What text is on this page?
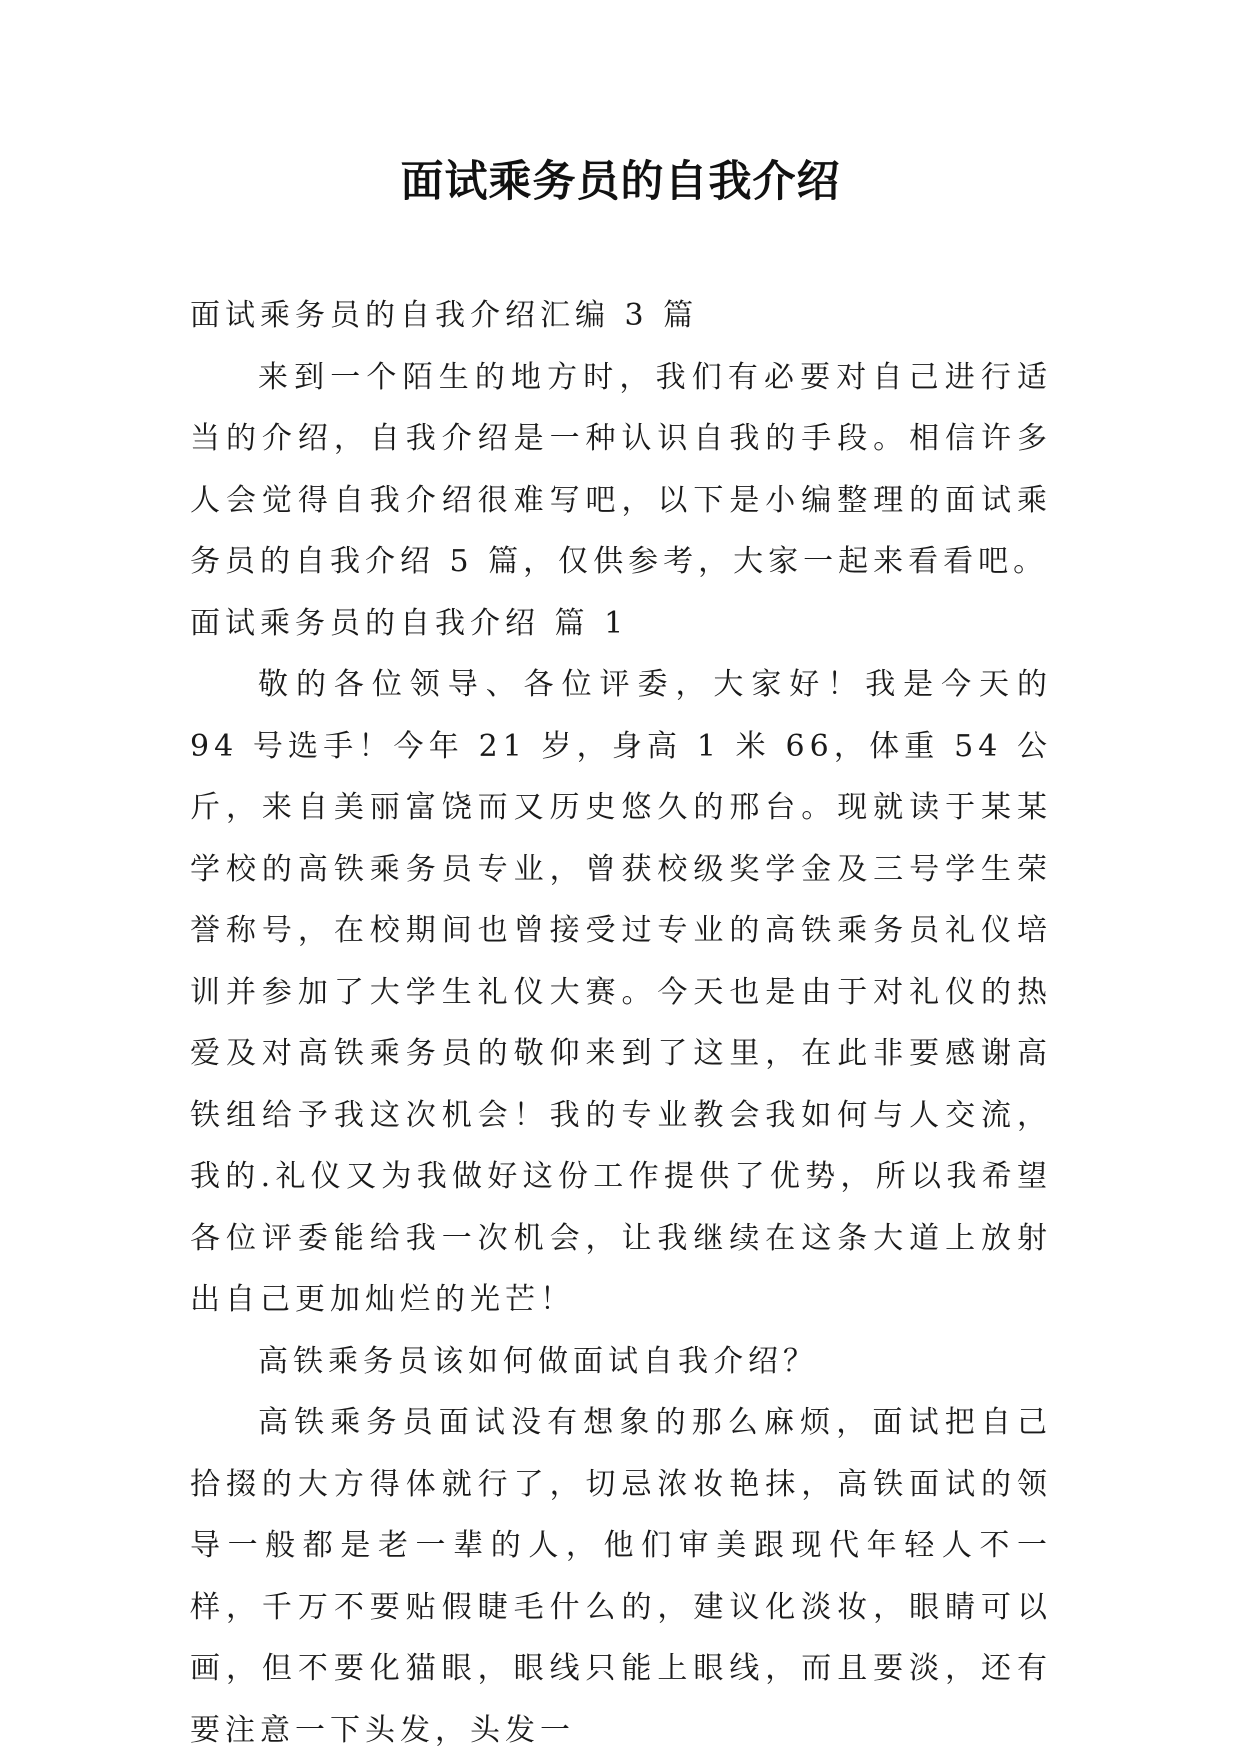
面试乘务员的自我介绍

面试乘务员的自我介绍汇编 3 篇

来到一个陌生的地方时，我们有必要对自己进行适当的介绍，自我介绍是一种认识自我的手段。相信许多人会觉得自我介绍很难写吧，以下是小编整理的面试乘务员的自我介绍 5 篇，仅供参考，大家一起来看看吧。

面试乘务员的自我介绍 篇 1

敬的各位领导、各位评委，大家好！我是今天的 94 号选手！今年 21 岁，身高 1 米 66，体重 54 公斤，来自美丽富饶而又历史悠久的邢台。现就读于某某学校的高铁乘务员专业，曾获校级奖学金及三号学生荣誉称号，在校期间也曾接受过专业的高铁乘务员礼仪培训并参加了大学生礼仪大赛。今天也是由于对礼仪的热爱及对高铁乘务员的敬仰来到了这里，在此非要感谢高铁组给予我这次机会！我的专业教会我如何与人交流，我的.礼仪又为我做好这份工作提供了优势，所以我希望各位评委能给我一次机会，让我继续在这条大道上放射出自己更加灿烂的光芒！

高铁乘务员该如何做面试自我介绍？

高铁乘务员面试没有想象的那么麻烦，面试把自己拾掇的大方得体就行了，切忌浓妆艳抹，高铁面试的领导一般都是老一辈的人，他们审美跟现代年轻人不一样，千万不要贴假睫毛什么的，建议化淡妆，眼睛可以画，但不要化猫眼，眼线只能上眼线，而且要淡，还有要注意一下头发，头发一
